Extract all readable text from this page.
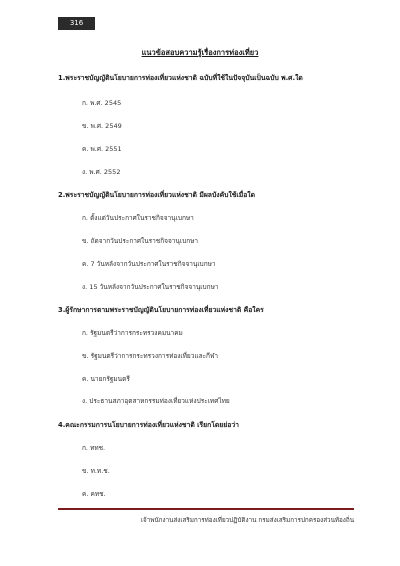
316
แนวข้อสอบความรู้เรื่องการท่องเที่ยว
1.พระราชบัญญัตินโยบายการท่องเที่ยวแห่งชาติ ฉบับที่ใช้ในปัจจุบันเป็นฉบับ พ.ศ.ใด
ก. พ.ศ. 2545
ข. พ.ศ. 2549
ค. พ.ศ. 2551
ง. พ.ศ. 2552
2.พระราชบัญญัตินโยบายการท่องเที่ยวแห่งชาติ มีผลบังคับใช้เมื่อใด
ก. ตั้งแต่วันประกาศในราชกิจจานุเบกษา
ข. ถัดจากวันประกาศในราชกิจจานุเบกษา
ค. 7 วันหลังจากวันประกาศในราชกิจจานุเบกษา
ง. 15 วันหลังจากวันประกาศในราชกิจจานุเบกษา
3.ผู้รักษาการตามพระราชบัญญัตินโยบายการท่องเที่ยวแห่งชาติ คือใคร
ก. รัฐมนตรีว่าการกระทรวงคมนาคม
ข. รัฐมนตรีว่าการกระทรวงการท่องเที่ยวและกีฬา
ค. นายกรัฐมนตรี
ง. ประธานสภาอุตสาหกรรมท่องเที่ยวแห่งประเทศไทย
4.คณะกรรมการนโยบายการท่องเที่ยวแห่งชาติ เรียกโดยย่อว่า
ก. ททช.
ข. ท.ท.ช.
ค. คทช.
เจ้าพนักงานส่งเสริมการท่องเที่ยวปฏิบัติงาน กรมส่งเสริมการปกครองส่วนท้องถิ่น
